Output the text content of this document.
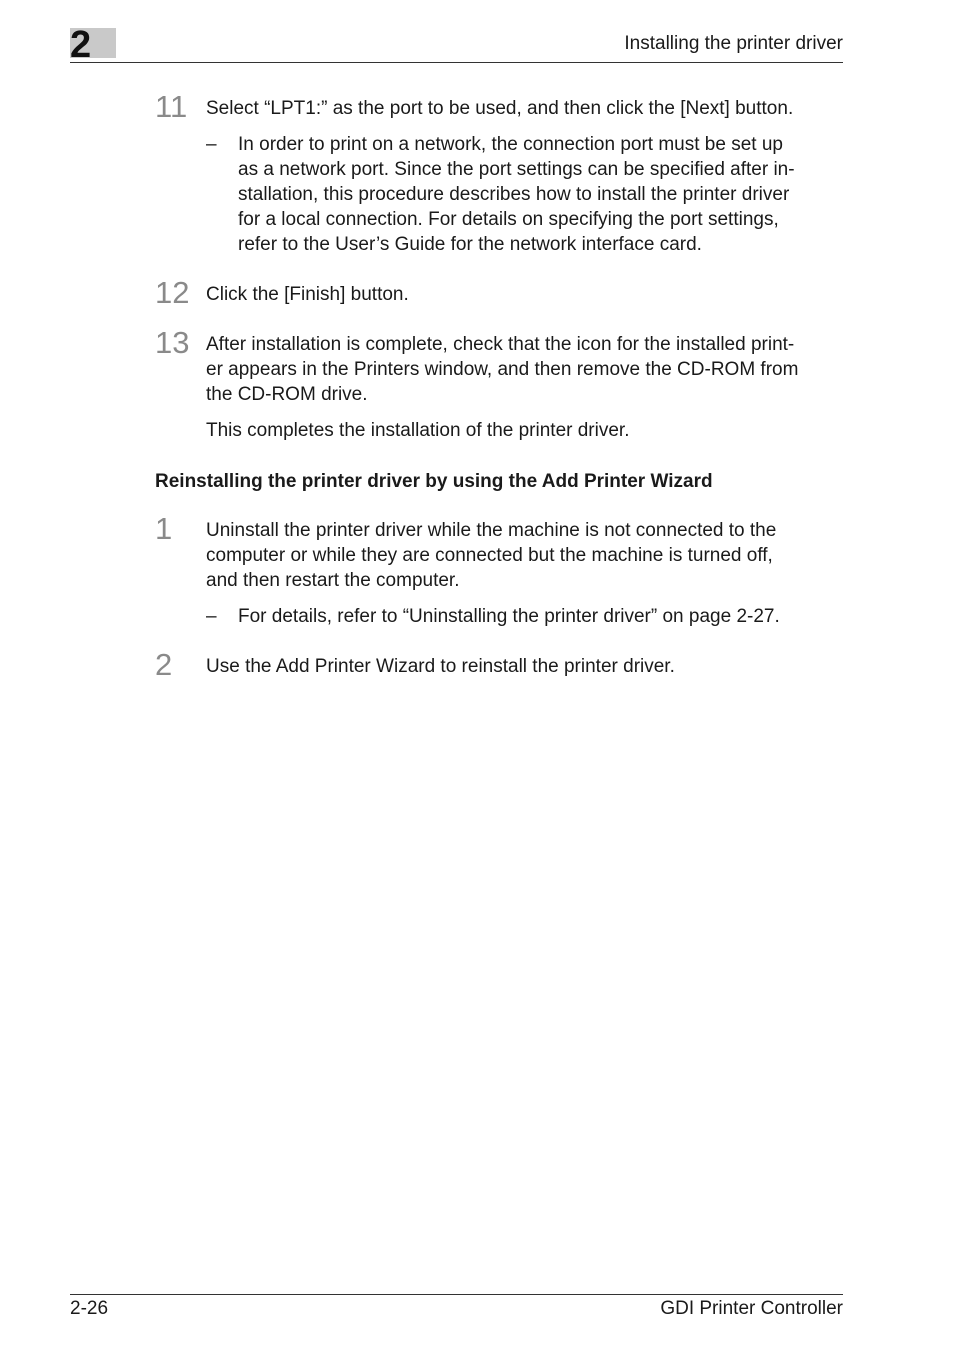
2	Installing the printer driver
11 Select “LPT1:” as the port to be used, and then click the [Next] button.

– In order to print on a network, the connection port must be set up
as a network port. Since the port settings can be specified after in-
stallation, this procedure describes how to install the printer driver
for a local connection. For details on specifying the port settings,
refer to the User’s Guide for the network interface card.

12 Click the [Finish] button.

13 After installation is complete, check that the icon for the installed print-
er appears in the Printers window, and then remove the CD-ROM from
the CD-ROM drive.

This completes the installation of the printer driver.

Reinstalling the printer driver by using the Add Printer Wizard
1 Uninstall the printer driver while the machine is not connected to the
computer or while they are connected but the machine is turned off,
and then restart the computer.

– For details, refer to “Uninstalling the printer driver” on page 2-27.

2 Use the Add Printer Wizard to reinstall the printer driver.

2-26	GDI Printer Controller
